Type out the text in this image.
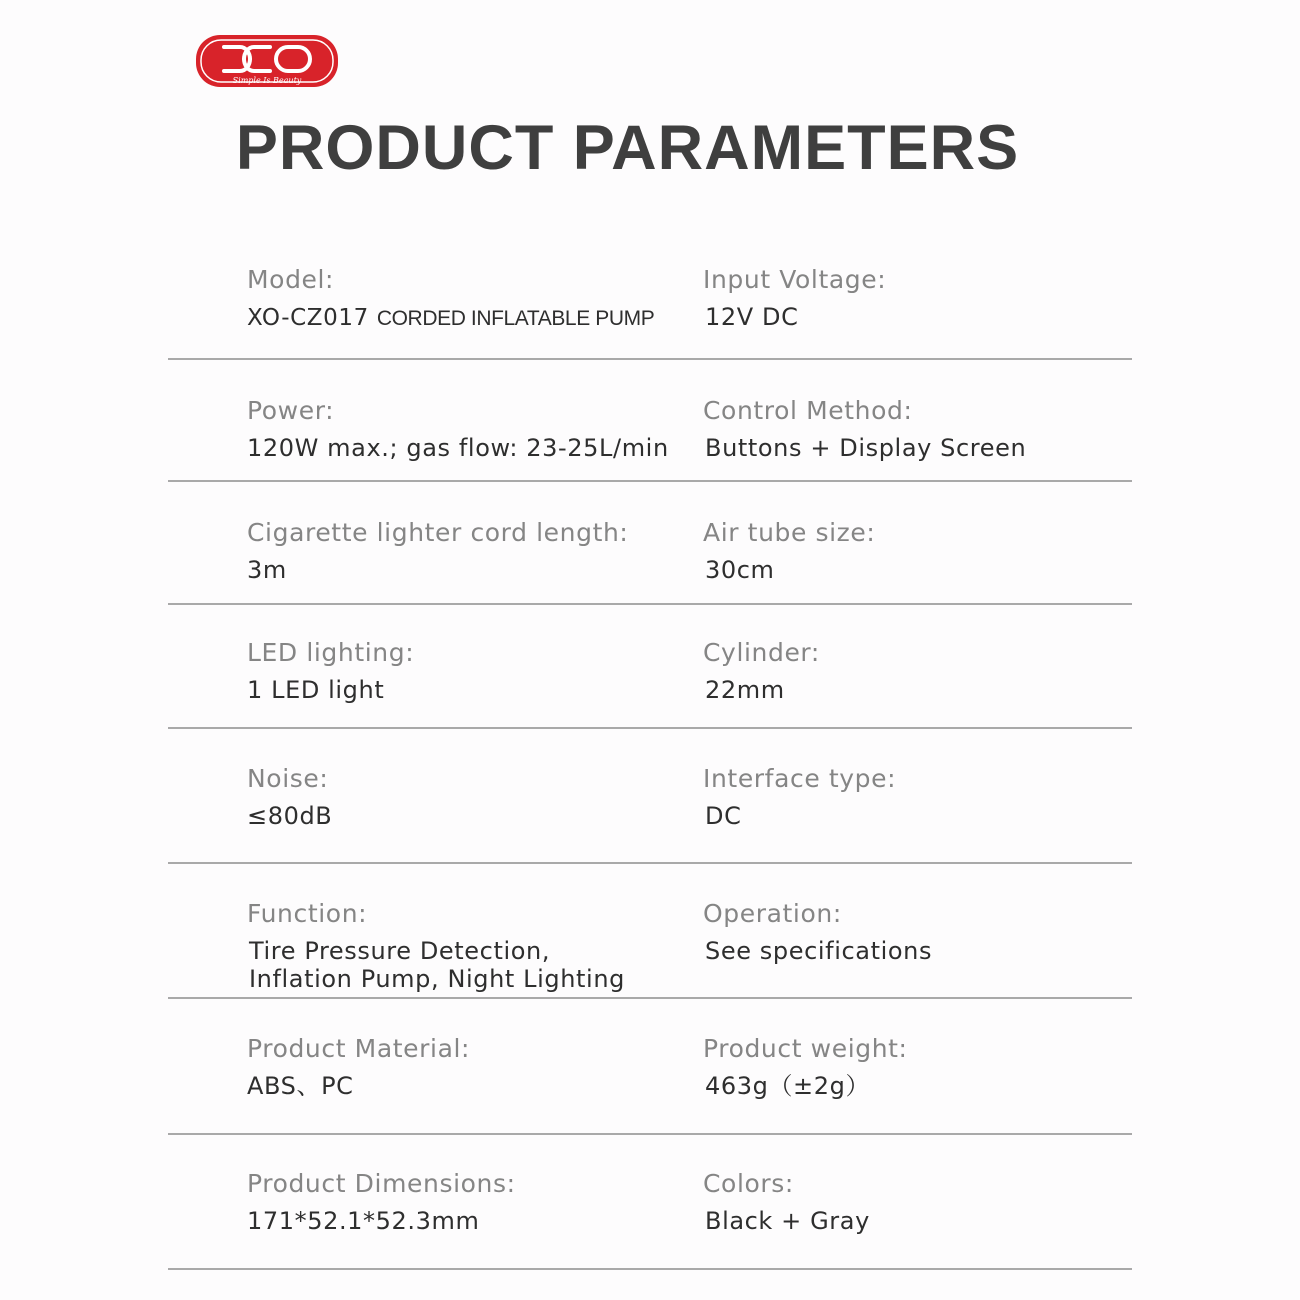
Simple Is Beauty
PRODUCT PARAMETERS
Model:
XO-CZ017 CORDED INFLATABLE PUMP
Input Voltage:
12V DC
Power:
120W max.; gas flow: 23-25L/min
Control Method:
Buttons + Display Screen
Cigarette lighter cord length:
3m
Air tube size:
30cm
LED lighting:
1 LED light
Cylinder:
22mm
Noise:
≤80dB
Interface type:
DC
Function:
Tire Pressure Detection,
Inflation Pump, Night Lighting
Operation:
See specifications
Product Material:
ABS、PC
Product weight:
463g（±2g）
Product Dimensions:
171*52.1*52.3mm
Colors:
Black + Gray
